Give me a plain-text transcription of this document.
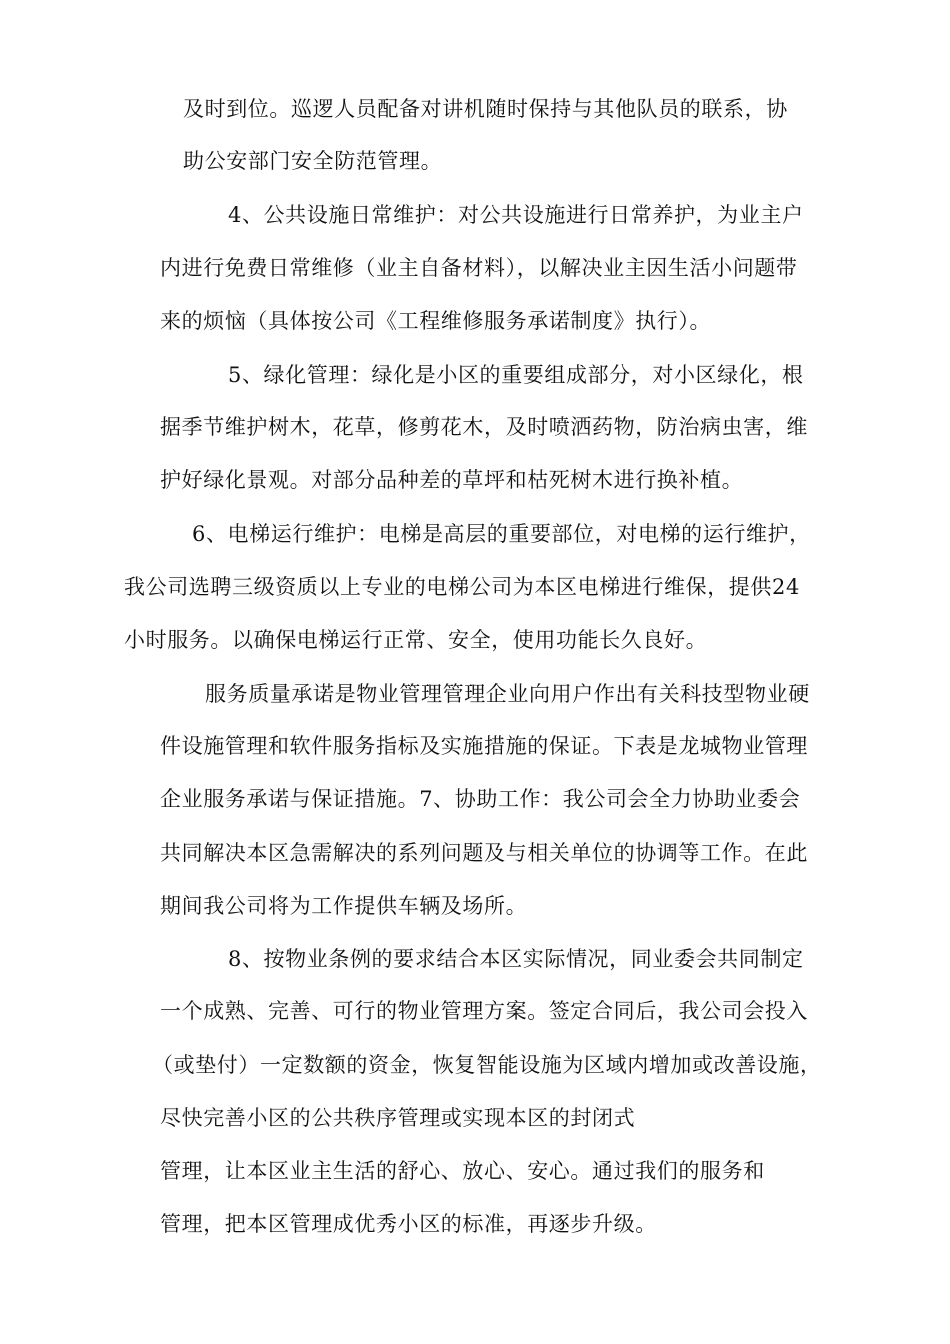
及时到位。巡逻人员配备对讲机随时保持与其他队员的联系，协
助公安部门安全防范管理。
4、公共设施日常维护：对公共设施进行日常养护，为业主户
内进行免费日常维修（业主自备材料），以解决业主因生活小问题带
来的烦恼（具体按公司《工程维修服务承诺制度》执行）。
5、绿化管理：绿化是小区的重要组成部分，对小区绿化，根
据季节维护树木，花草，修剪花木，及时喷洒药物，防治病虫害，维
护好绿化景观。对部分品种差的草坪和枯死树木进行换补植。
6、电梯运行维护：电梯是高层的重要部位，对电梯的运行维护，
我公司选聘三级资质以上专业的电梯公司为本区电梯进行维保，提供24
小时服务。以确保电梯运行正常、安全，使用功能长久良好。
服务质量承诺是物业管理管理企业向用户作出有关科技型物业硬
件设施管理和软件服务指标及实施措施的保证。下表是龙城物业管理
企业服务承诺与保证措施。7、协助工作：我公司会全力协助业委会
共同解决本区急需解决的系列问题及与相关单位的协调等工作。在此
期间我公司将为工作提供车辆及场所。
8、按物业条例的要求结合本区实际情况，同业委会共同制定
一个成熟、完善、可行的物业管理方案。签定合同后，我公司会投入
（或垫付）一定数额的资金，恢复智能设施为区域内增加或改善设施，
尽快完善小区的公共秩序管理或实现本区的封闭式
管理，让本区业主生活的舒心、放心、安心。通过我们的服务和
管理，把本区管理成优秀小区的标准，再逐步升级。
